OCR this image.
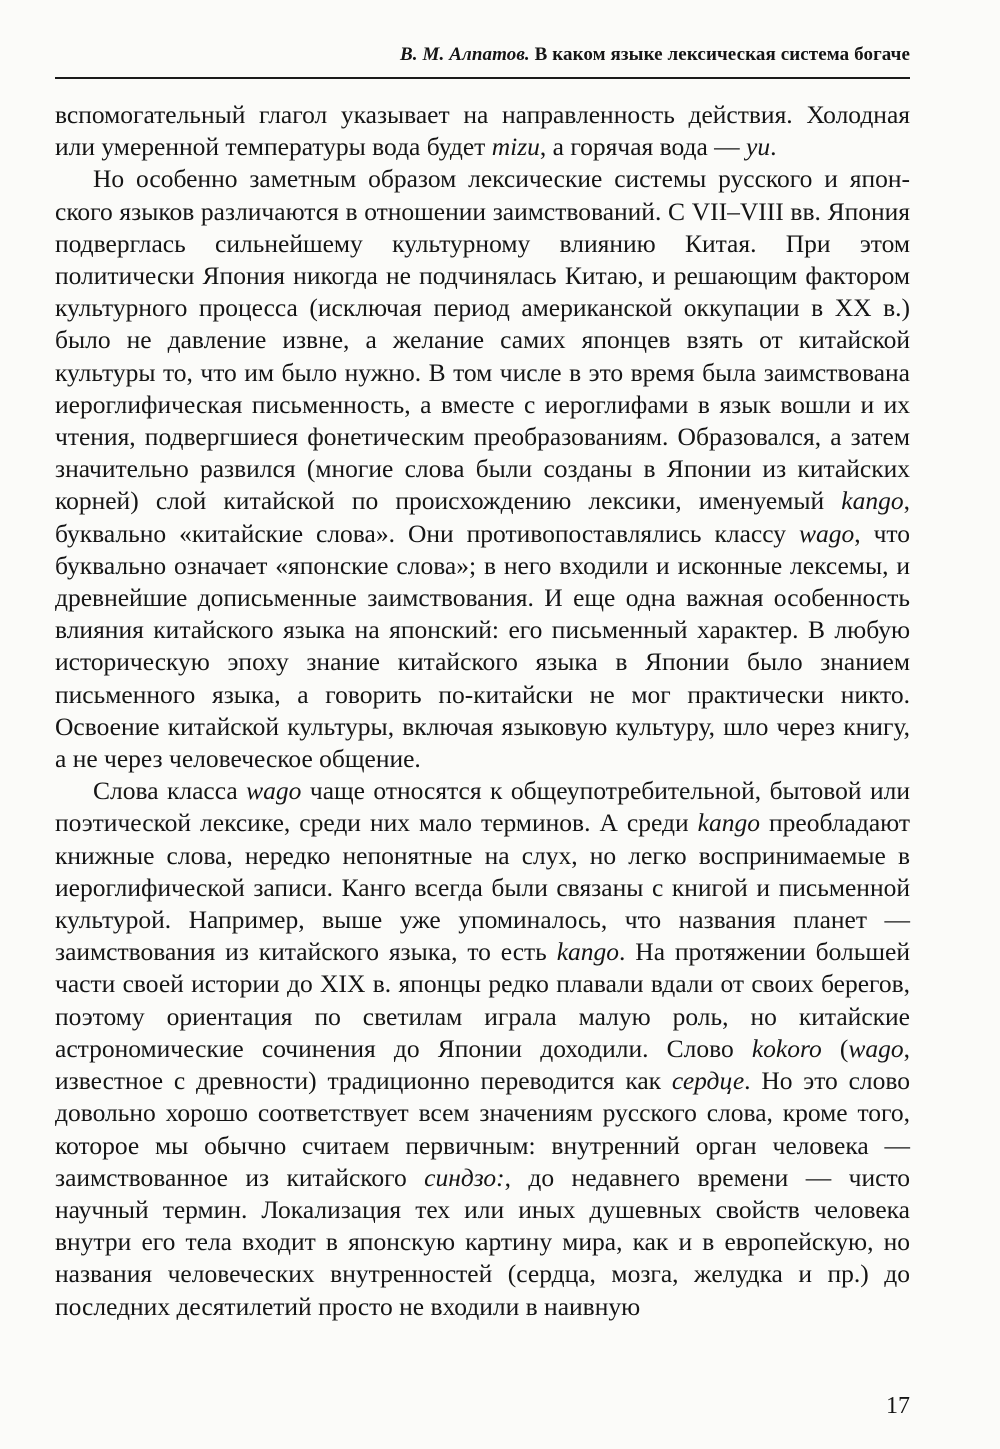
В. М. Алпатов. В каком языке лексическая система богаче

вспомогательный глагол указывает на направленность действия. Холодная или умеренной температуры вода будет mizu, а горячая вода — yu.

Но особенно заметным образом лексические системы русского и японского языков различаются в отношении заимствований. С VII–VIII вв. Япония подверглась сильнейшему культурному влиянию Китая. При этом политически Япония никогда не подчинялась Китаю, и решающим фактором культурного процесса (исключая период американской оккупации в XX в.) было не давление извне, а желание самих японцев взять от китайской культуры то, что им было нужно. В том числе в это время была заимствована иероглифическая письменность, а вместе с иероглифами в язык вошли и их чтения, подвергшиеся фонетическим преобразованиям. Образовался, а затем значительно развился (многие слова были созданы в Японии из китайских корней) слой китайской по происхождению лексики, именуемый kango, буквально «китайские слова». Они противопоставлялись классу wago, что буквально означает «японские слова»; в него входили и исконные лексемы, и древнейшие дописьменные заимствования. И еще одна важная особенность влияния китайского языка на японский: его письменный характер. В любую историческую эпоху знание китайского языка в Японии было знанием письменного языка, а говорить по-китайски не мог практически никто. Освоение китайской культуры, включая языковую культуру, шло через книгу, а не через человеческое общение.

Слова класса wago чаще относятся к общеупотребительной, бытовой или поэтической лексике, среди них мало терминов. А среди kango преобладают книжные слова, нередко непонятные на слух, но легко воспринимаемые в иероглифической записи. Канго всегда были связаны с книгой и письменной культурой. Например, выше уже упоминалось, что названия планет — заимствования из китайского языка, то есть kango. На протяжении большей части своей истории до XIX в. японцы редко плавали вдали от своих берегов, поэтому ориентация по светилам играла малую роль, но китайские астрономические сочинения до Японии доходили. Слово kokoro (wago, известное с древности) традиционно переводится как сердце. Но это слово довольно хорошо соответствует всем значениям русского слова, кроме того, которое мы обычно считаем первичным: внутренний орган человека — заимствованное из китайского синдзо:, до недавнего времени — чисто научный термин. Локализация тех или иных душевных свойств человека внутри его тела входит в японскую картину мира, как и в европейскую, но названия человеческих внутренностей (сердца, мозга, желудка и пр.) до последних десятилетий просто не входили в наивную

17
